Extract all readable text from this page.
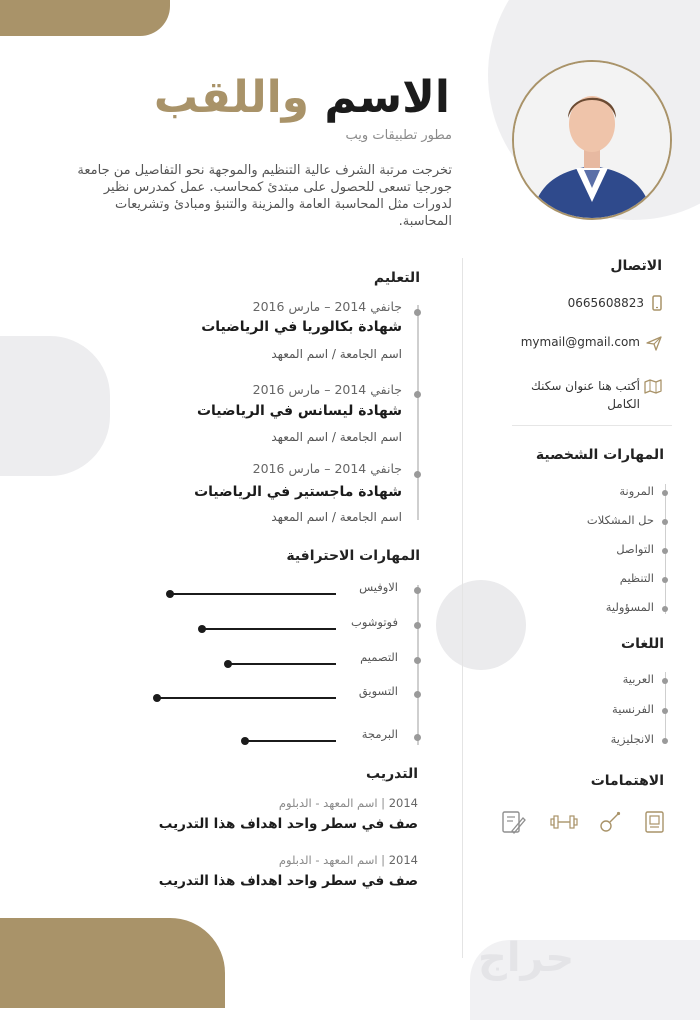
الاسم واللقب
مطور تطبيقات ويب
تخرجت مرتبة الشرف عالية التنظيم والموجهة نحو التفاصيل من جامعة جورجيا تسعى للحصول على مبتدئ كمحاسب. عمل كمدرس نظير لدورات مثل المحاسبة العامة والمزينة والتنبؤ ومبادئ وتشريعات المحاسبة.
التعليم
جانفي 2014 – مارس 2016
شهادة بكالوريا في الرياضيات
اسم الجامعة / اسم المعهد
جانفي 2014 – مارس 2016
شهادة ليسانس في الرياضيات
اسم الجامعة / اسم المعهد
جانفي 2014 – مارس 2016
شهادة ماجستير في الرياضيات
اسم الجامعة / اسم المعهد
المهارات الاحترافية
الاوفيس
فوتوشوب
التصميم
التسويق
البرمجة
التدريب
2014 | اسم المعهد - الدبلوم
صف في سطر واحد اهداف هذا التدريب
2014 | اسم المعهد - الدبلوم
صف في سطر واحد اهداف هذا التدريب
الاتصال
0665608823
mymail@gmail.com
أكتب هنا عنوان سكنك
الكامل
المهارات الشخصية
المرونة
حل المشكلات
التواصل
التنظيم
المسؤولية
اللغات
العربية
الفرنسية
الانجليزية
الاهتمامات
حراج
